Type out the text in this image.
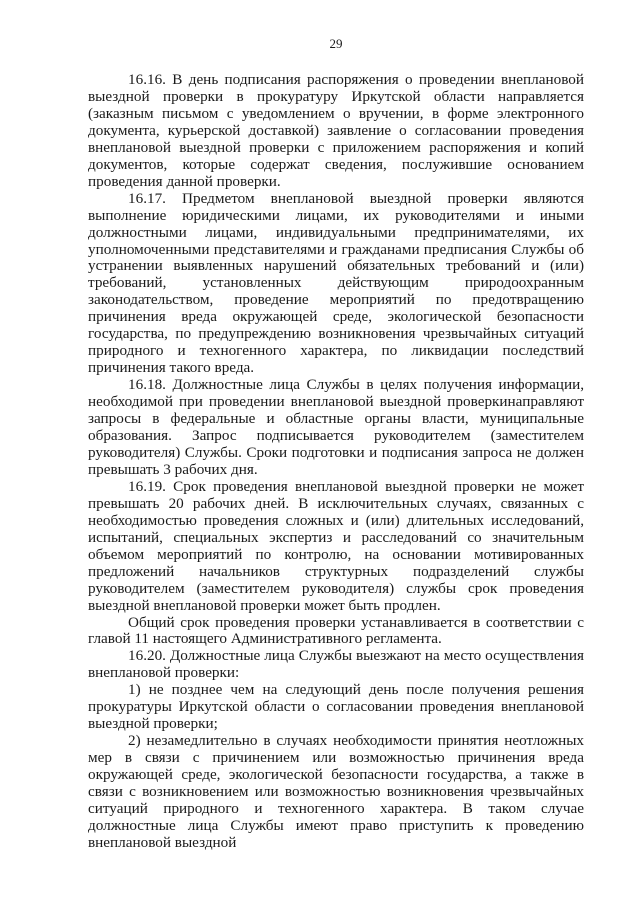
29

16.16. В день подписания распоряжения о проведении внеплановой выездной проверки в прокуратуру Иркутской области направляется (заказным письмом с уведомлением о вручении, в форме электронного документа, курьерской доставкой) заявление о согласовании проведения внеплановой выездной проверки с приложением распоряжения и копий документов, которые содержат сведения, послужившие основанием проведения данной проверки.

16.17. Предметом внеплановой выездной проверки являются выполнение юридическими лицами, их руководителями и иными должностными лицами, индивидуальными предпринимателями, их уполномоченными представителями и гражданами предписания Службы об устранении выявленных нарушений обязательных требований и (или) требований, установленных действующим природоохранным законодательством, проведение мероприятий по предотвращению причинения вреда окружающей среде, экологической безопасности государства, по предупреждению возникновения чрезвычайных ситуаций природного и техногенного характера, по ликвидации последствий причинения такого вреда.

16.18. Должностные лица Службы в целях получения информации, необходимой при проведении внеплановой выездной проверкинаправляют запросы в федеральные и областные органы власти, муниципальные образования. Запрос подписывается руководителем (заместителем руководителя) Службы. Сроки подготовки и подписания запроса не должен превышать 3 рабочих дня.

16.19. Срок проведения внеплановой выездной проверки не может превышать 20 рабочих дней. В исключительных случаях, связанных с необходимостью проведения сложных и (или) длительных исследований, испытаний, специальных экспертиз и расследований со значительным объемом мероприятий по контролю, на основании мотивированных предложений начальников структурных подразделений службы руководителем (заместителем руководителя) службы срок проведения выездной внеплановой проверки может быть продлен.

Общий срок проведения проверки устанавливается в соответствии с главой 11 настоящего Административного регламента.

16.20. Должностные лица Службы выезжают на место осуществления внеплановой проверки:

1) не позднее чем на следующий день после получения решения прокуратуры Иркутской области о согласовании проведения внеплановой выездной проверки;

2) незамедлительно в случаях необходимости принятия неотложных мер в связи с причинением или возможностью причинения вреда окружающей среде, экологической безопасности государства, а также в связи с возникновением или возможностью возникновения чрезвычайных ситуаций природного и техногенного характера. В таком случае должностные лица Службы имеют право приступить к проведению внеплановой выездной
